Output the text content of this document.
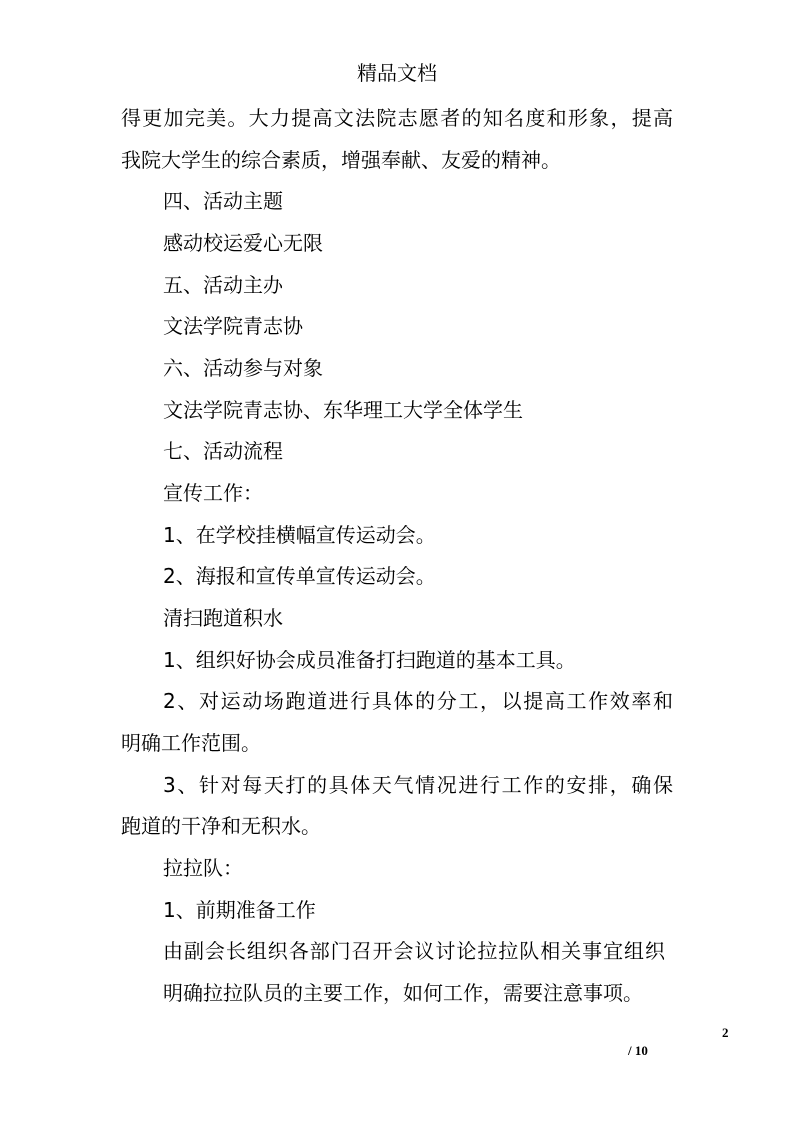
精品文档
得更加完美。大力提高文法院志愿者的知名度和形象，提高
我院大学生的综合素质，增强奉献、友爱的精神。
四、活动主题
感动校运爱心无限
五、活动主办
文法学院青志协
六、活动参与对象
文法学院青志协、东华理工大学全体学生
七、活动流程
宣传工作：
1、在学校挂横幅宣传运动会。
2、海报和宣传单宣传运动会。
清扫跑道积水
1、组织好协会成员准备打扫跑道的基本工具。
2、对运动场跑道进行具体的分工，以提高工作效率和
明确工作范围。
3、针对每天打的具体天气情况进行工作的安排，确保
跑道的干净和无积水。
拉拉队：
1、前期准备工作
由副会长组织各部门召开会议讨论拉拉队相关事宜组织
明确拉拉队员的主要工作，如何工作，需要注意事项。
2
/ 10
